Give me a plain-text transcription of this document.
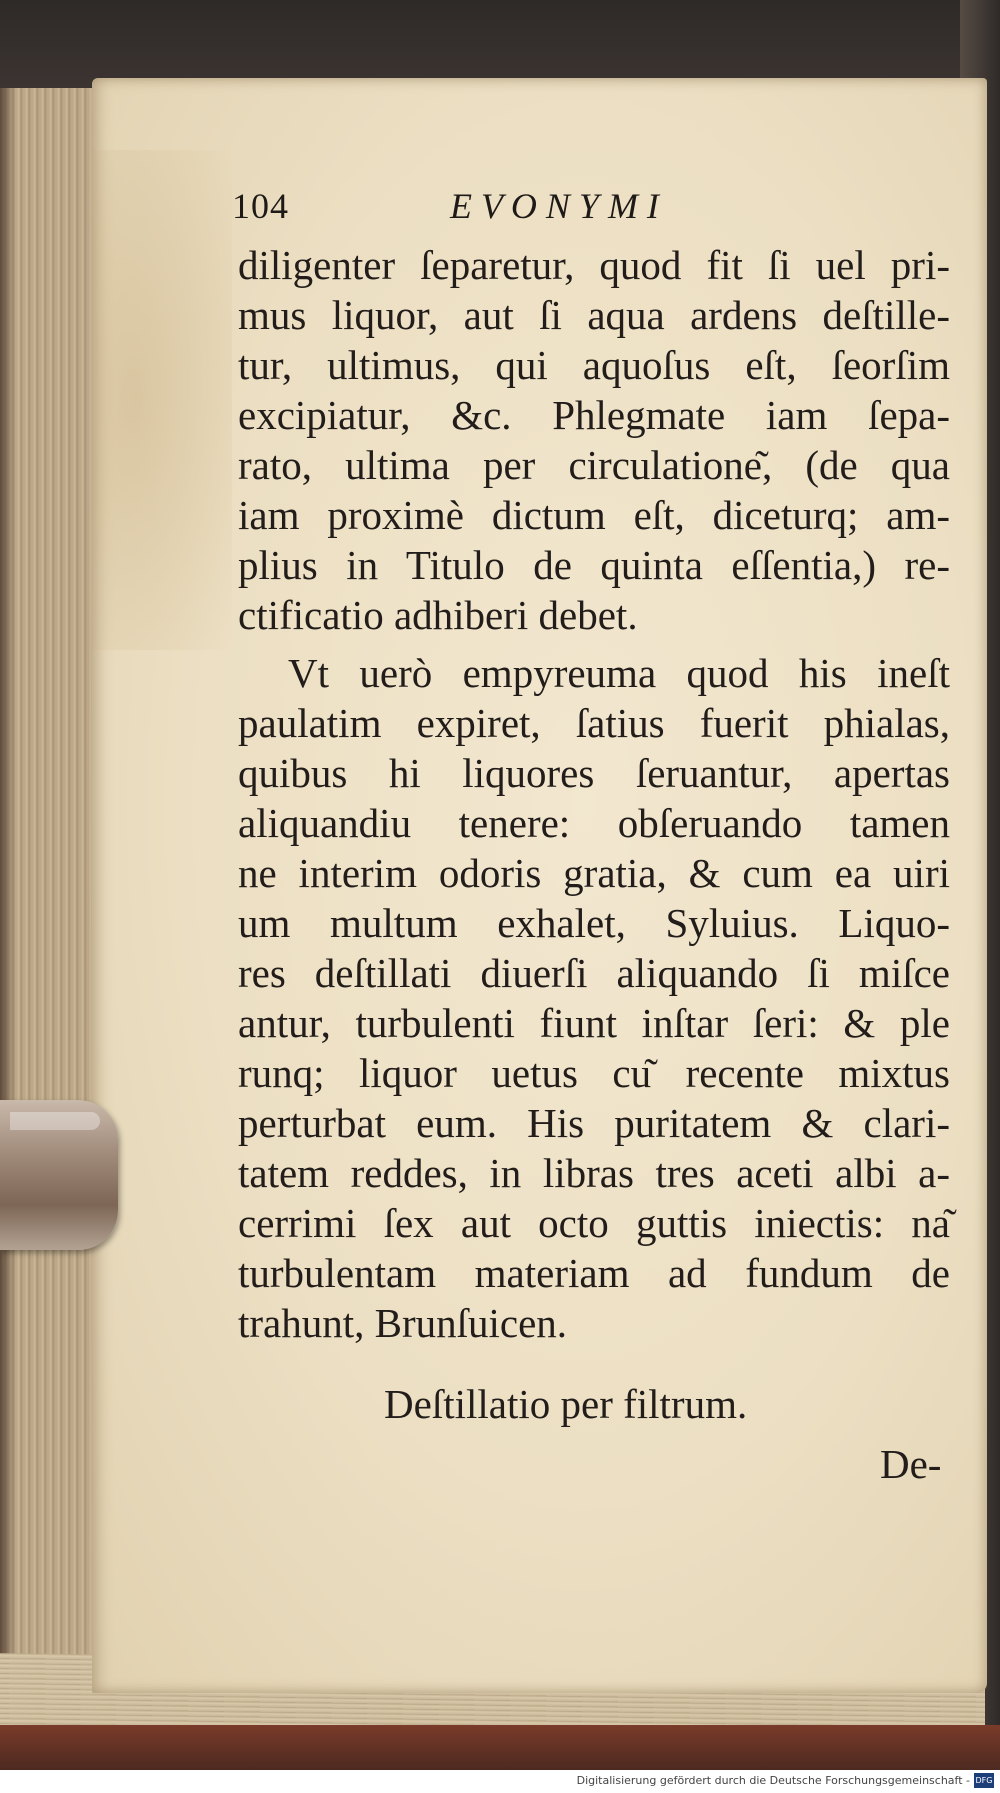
104	EVONYMI
diligenter ſeparetur, quod fit ſi uel pri-
mus liquor, aut ſi aqua ardens deſtille-
tur, ultimus, qui aquoſus eſt, ſeorſim
excipiatur, &c. Phlegmate iam ſepa-
rato, ultima per circulatione͂, (de qua
iam proximè dictum eſt, diceturq; am-
plius in Titulo de quinta eſſentia,) re-
ctificatio adhiberi debet.
Vt uerò empyreuma quod his ineſt
paulatim expiret, ſatius fuerit phialas,
quibus hi liquores ſeruantur, apertas
aliquandiu tenere: obſeruando tamen
ne interim odoris gratia, & cum ea uiri
um multum exhalet, Syluius. Liquo-
res deſtillati diuerſi aliquando ſi miſce
antur, turbulenti fiunt inſtar ſeri: & ple
runq; liquor uetus cu͂ recente mixtus
perturbat eum. His puritatem & clari-
tatem reddes, in libras tres aceti albi a-
cerrimi ſex aut octo guttis iniectis: na͂
turbulentam materiam ad fundum de
trahunt, Brunſuicen.
Deſtillatio per filtrum.
De-
Digitalisierung gefördert durch die Deutsche Forschungsgemeinschaft - DFG
